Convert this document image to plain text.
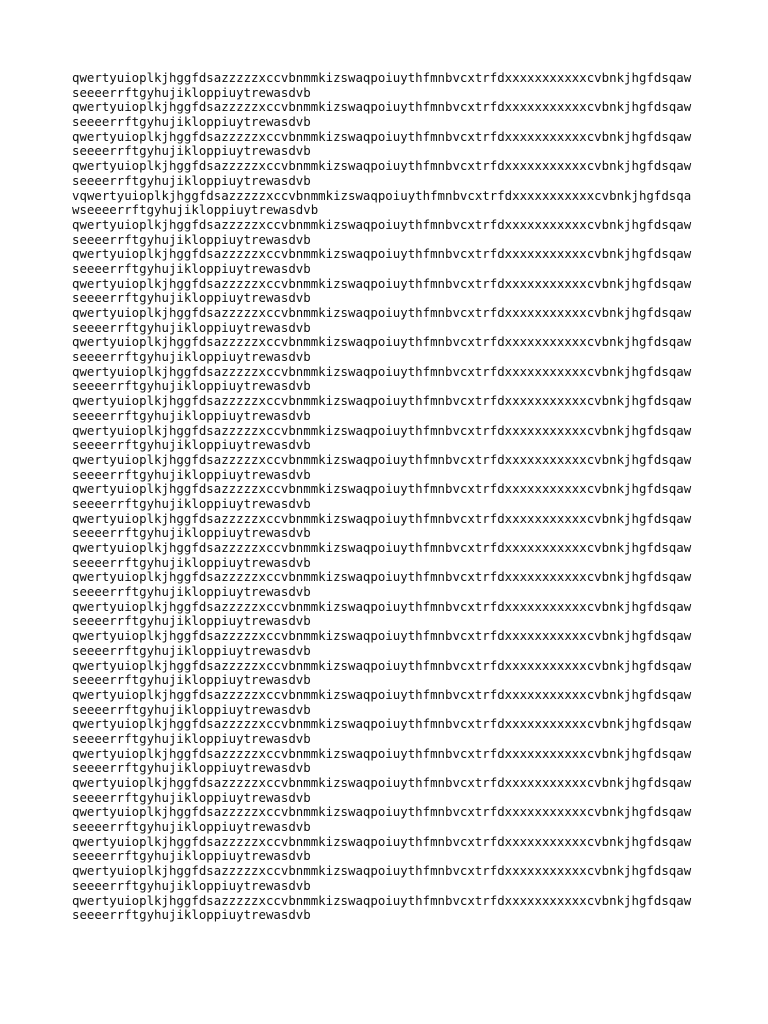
qwertyuioplkjhggfdsazzzzzxccvbnmmkizswaqpoiuythfmnbvcxtrfdxxxxxxxxxxxcvbnkjhgfdsqaw
seeeerrftgyhujikloppiuytrewasdvb
qwertyuioplkjhggfdsazzzzzxccvbnmmkizswaqpoiuythfmnbvcxtrfdxxxxxxxxxxxcvbnkjhgfdsqaw
seeeerrftgyhujikloppiuytrewasdvb
qwertyuioplkjhggfdsazzzzzxccvbnmmkizswaqpoiuythfmnbvcxtrfdxxxxxxxxxxxcvbnkjhgfdsqaw
seeeerrftgyhujikloppiuytrewasdvb
qwertyuioplkjhggfdsazzzzzxccvbnmmkizswaqpoiuythfmnbvcxtrfdxxxxxxxxxxxcvbnkjhgfdsqaw
seeeerrftgyhujikloppiuytrewasdvb
vqwertyuioplkjhggfdsazzzzzxccvbnmmkizswaqpoiuythfmnbvcxtrfdxxxxxxxxxxxcvbnkjhgfdsqa
wseeeerrftgyhujikloppiuytrewasdvb
qwertyuioplkjhggfdsazzzzzxccvbnmmkizswaqpoiuythfmnbvcxtrfdxxxxxxxxxxxcvbnkjhgfdsqaw
seeeerrftgyhujikloppiuytrewasdvb
qwertyuioplkjhggfdsazzzzzxccvbnmmkizswaqpoiuythfmnbvcxtrfdxxxxxxxxxxxcvbnkjhgfdsqaw
seeeerrftgyhujikloppiuytrewasdvb
qwertyuioplkjhggfdsazzzzzxccvbnmmkizswaqpoiuythfmnbvcxtrfdxxxxxxxxxxxcvbnkjhgfdsqaw
seeeerrftgyhujikloppiuytrewasdvb
qwertyuioplkjhggfdsazzzzzxccvbnmmkizswaqpoiuythfmnbvcxtrfdxxxxxxxxxxxcvbnkjhgfdsqaw
seeeerrftgyhujikloppiuytrewasdvb
qwertyuioplkjhggfdsazzzzzxccvbnmmkizswaqpoiuythfmnbvcxtrfdxxxxxxxxxxxcvbnkjhgfdsqaw
seeeerrftgyhujikloppiuytrewasdvb
qwertyuioplkjhggfdsazzzzzxccvbnmmkizswaqpoiuythfmnbvcxtrfdxxxxxxxxxxxcvbnkjhgfdsqaw
seeeerrftgyhujikloppiuytrewasdvb
qwertyuioplkjhggfdsazzzzzxccvbnmmkizswaqpoiuythfmnbvcxtrfdxxxxxxxxxxxcvbnkjhgfdsqaw
seeeerrftgyhujikloppiuytrewasdvb
qwertyuioplkjhggfdsazzzzzxccvbnmmkizswaqpoiuythfmnbvcxtrfdxxxxxxxxxxxcvbnkjhgfdsqaw
seeeerrftgyhujikloppiuytrewasdvb
qwertyuioplkjhggfdsazzzzzxccvbnmmkizswaqpoiuythfmnbvcxtrfdxxxxxxxxxxxcvbnkjhgfdsqaw
seeeerrftgyhujikloppiuytrewasdvb
qwertyuioplkjhggfdsazzzzzxccvbnmmkizswaqpoiuythfmnbvcxtrfdxxxxxxxxxxxcvbnkjhgfdsqaw
seeeerrftgyhujikloppiuytrewasdvb
qwertyuioplkjhggfdsazzzzzxccvbnmmkizswaqpoiuythfmnbvcxtrfdxxxxxxxxxxxcvbnkjhgfdsqaw
seeeerrftgyhujikloppiuytrewasdvb
qwertyuioplkjhggfdsazzzzzxccvbnmmkizswaqpoiuythfmnbvcxtrfdxxxxxxxxxxxcvbnkjhgfdsqaw
seeeerrftgyhujikloppiuytrewasdvb
qwertyuioplkjhggfdsazzzzzxccvbnmmkizswaqpoiuythfmnbvcxtrfdxxxxxxxxxxxcvbnkjhgfdsqaw
seeeerrftgyhujikloppiuytrewasdvb
qwertyuioplkjhggfdsazzzzzxccvbnmmkizswaqpoiuythfmnbvcxtrfdxxxxxxxxxxxcvbnkjhgfdsqaw
seeeerrftgyhujikloppiuytrewasdvb
qwertyuioplkjhggfdsazzzzzxccvbnmmkizswaqpoiuythfmnbvcxtrfdxxxxxxxxxxxcvbnkjhgfdsqaw
seeeerrftgyhujikloppiuytrewasdvb
qwertyuioplkjhggfdsazzzzzxccvbnmmkizswaqpoiuythfmnbvcxtrfdxxxxxxxxxxxcvbnkjhgfdsqaw
seeeerrftgyhujikloppiuytrewasdvb
qwertyuioplkjhggfdsazzzzzxccvbnmmkizswaqpoiuythfmnbvcxtrfdxxxxxxxxxxxcvbnkjhgfdsqaw
seeeerrftgyhujikloppiuytrewasdvb
qwertyuioplkjhggfdsazzzzzxccvbnmmkizswaqpoiuythfmnbvcxtrfdxxxxxxxxxxxcvbnkjhgfdsqaw
seeeerrftgyhujikloppiuytrewasdvb
qwertyuioplkjhggfdsazzzzzxccvbnmmkizswaqpoiuythfmnbvcxtrfdxxxxxxxxxxxcvbnkjhgfdsqaw
seeeerrftgyhujikloppiuytrewasdvb
qwertyuioplkjhggfdsazzzzzxccvbnmmkizswaqpoiuythfmnbvcxtrfdxxxxxxxxxxxcvbnkjhgfdsqaw
seeeerrftgyhujikloppiuytrewasdvb
qwertyuioplkjhggfdsazzzzzxccvbnmmkizswaqpoiuythfmnbvcxtrfdxxxxxxxxxxxcvbnkjhgfdsqaw
seeeerrftgyhujikloppiuytrewasdvb
qwertyuioplkjhggfdsazzzzzxccvbnmmkizswaqpoiuythfmnbvcxtrfdxxxxxxxxxxxcvbnkjhgfdsqaw
seeeerrftgyhujikloppiuytrewasdvb
qwertyuioplkjhggfdsazzzzzxccvbnmmkizswaqpoiuythfmnbvcxtrfdxxxxxxxxxxxcvbnkjhgfdsqaw
seeeerrftgyhujikloppiuytrewasdvb
qwertyuioplkjhggfdsazzzzzxccvbnmmkizswaqpoiuythfmnbvcxtrfdxxxxxxxxxxxcvbnkjhgfdsqaw
seeeerrftgyhujikloppiuytrewasdvb
